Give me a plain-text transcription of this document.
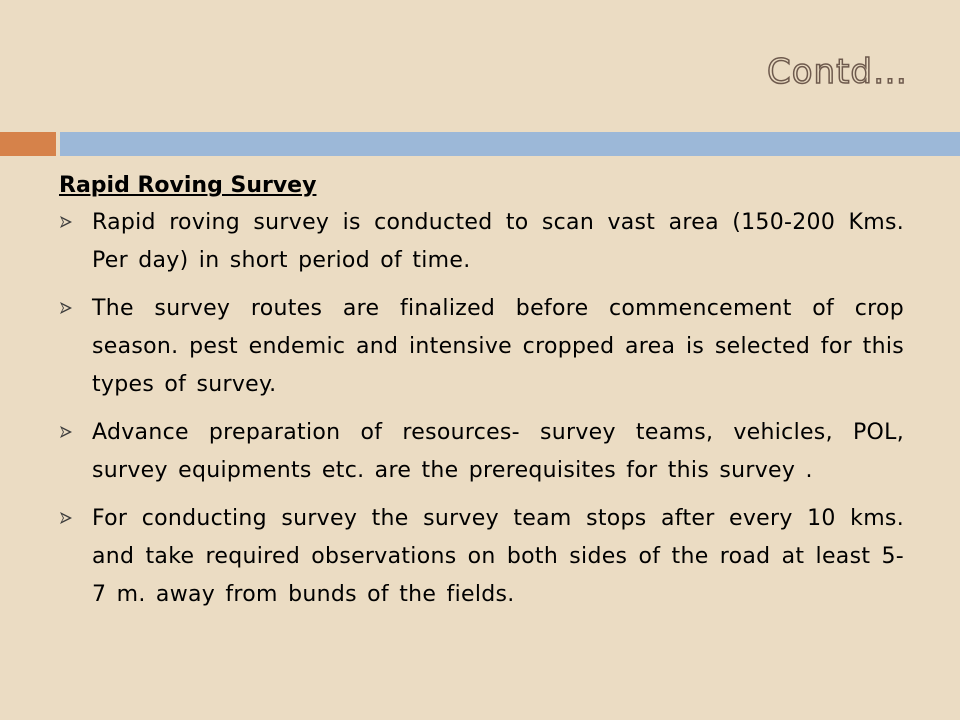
Contd…
Rapid Roving Survey
Rapid roving survey is conducted to scan vast area (150-200 Kms. Per day) in short period of time.
The survey routes are finalized before commencement of crop season. pest endemic and intensive cropped area is selected for this types of survey.
Advance preparation of resources- survey teams, vehicles, POL, survey equipments etc. are the prerequisites for this survey .
For conducting survey the survey team stops after every 10 kms. and take required observations on both sides of the road at least 5-7 m. away from bunds of the fields.
